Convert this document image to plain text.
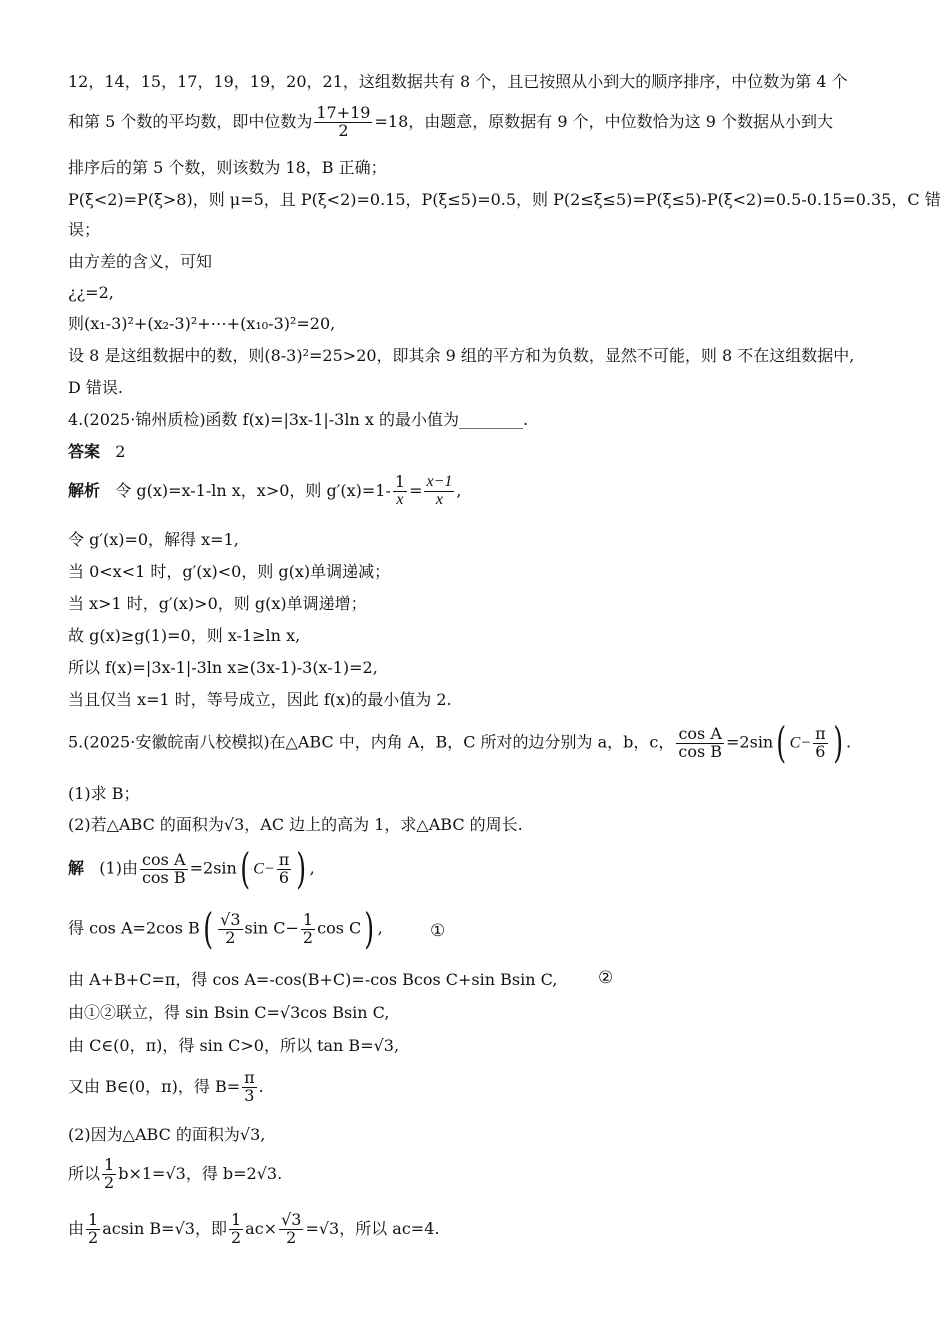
12，14，15，17，19，19，20，21，这组数据共有 8 个，且已按照从小到大的顺序排序，中位数为第 4 个
和第 5 个数的平均数，即中位数为 $\frac{17+19}{2} =18$，由题意，原数据有 9 个，中位数恰为这 9 个数据从小到大
排序后的第 5 个数，则该数为 18，B 正确；
P(ξ<2)=P(ξ>8)，则 μ=5，且 P(ξ<2)=0.15，P(ξ≤5)=0.5，则 P(2≤ξ≤5)=P(ξ≤5)-P(ξ<2)=0.5-0.15=0.35，C 错
误；
由方差的含义，可知
¿¿=2,
则(x₁-3)²+(x₂-3)²+⋯+(x₁₀-3)²=20,
设 8 是这组数据中的数，则(8-3)²=25>20，即其余 9 组的平方和为负数，显然不可能，则 8 不在这组数据中,
D 错误.
4.(2025·锦州质检)函数 f(x)=|3x-1|-3ln x 的最小值为________.
答案 2
解析 令 g(x)=x-1-ln x，x>0，则 $g'(x)=1- \frac{1}{x} = \frac{x-1}{x}$ ,
令 g′(x)=0，解得 x=1,
当 0<x<1 时，g′(x)<0，则 g(x)单调递减；
当 x>1 时，g′(x)>0，则 g(x)单调递增；
故 g(x)≥g(1)=0，则 x-1≥ln x,
所以 f(x)=|3x-1|-3ln x≥(3x-1)-3(x-1)=2,
当且仅当 x=1 时，等号成立，因此 f(x)的最小值为 2.
5.(2025·安徽皖南八校模拟)在△ABC 中，内角 A，B，C 所对的边分别为 a，b，c， $\frac{\text{cos A}}{\text{cos B}} =2\sin$( $C- \frac{\pi}{6}$ ) .
(1)求 B；
(2)若△ABC 的面积为√3，AC 边上的高为 1，求△ABC 的周长.
解 (1)由 $\frac{\text{cos A}}{\text{cos B}} =2\sin$( $C- \frac{\pi}{6}$ ) ,
得 cos A=2cos $B( \frac{√3}{2}$ $\sin C- \frac{1}{2}$ cos C) ,	①
由 A+B+C=π，得 cos A=-cos(B+C)=-cos Bcos C+sin Bsin C, ②
由①②联立，得 sin Bsin C=√3cos Bsin C,
由 C∈(0，π)，得 sin C>0，所以 tan B=√3,
又由 B∈(0，π)，得 $B= \frac{\pi}{3}$ .
(2)因为△ABC 的面积为√3,
所以 $\frac{1}{2} b\times 1=√3$，得 b=2√3.
由 $\frac{1}{2}$ acsin B=√3，即 $\frac{1}{2} ac\times \frac{√3}{2} =√3$，所以 ac=4.
